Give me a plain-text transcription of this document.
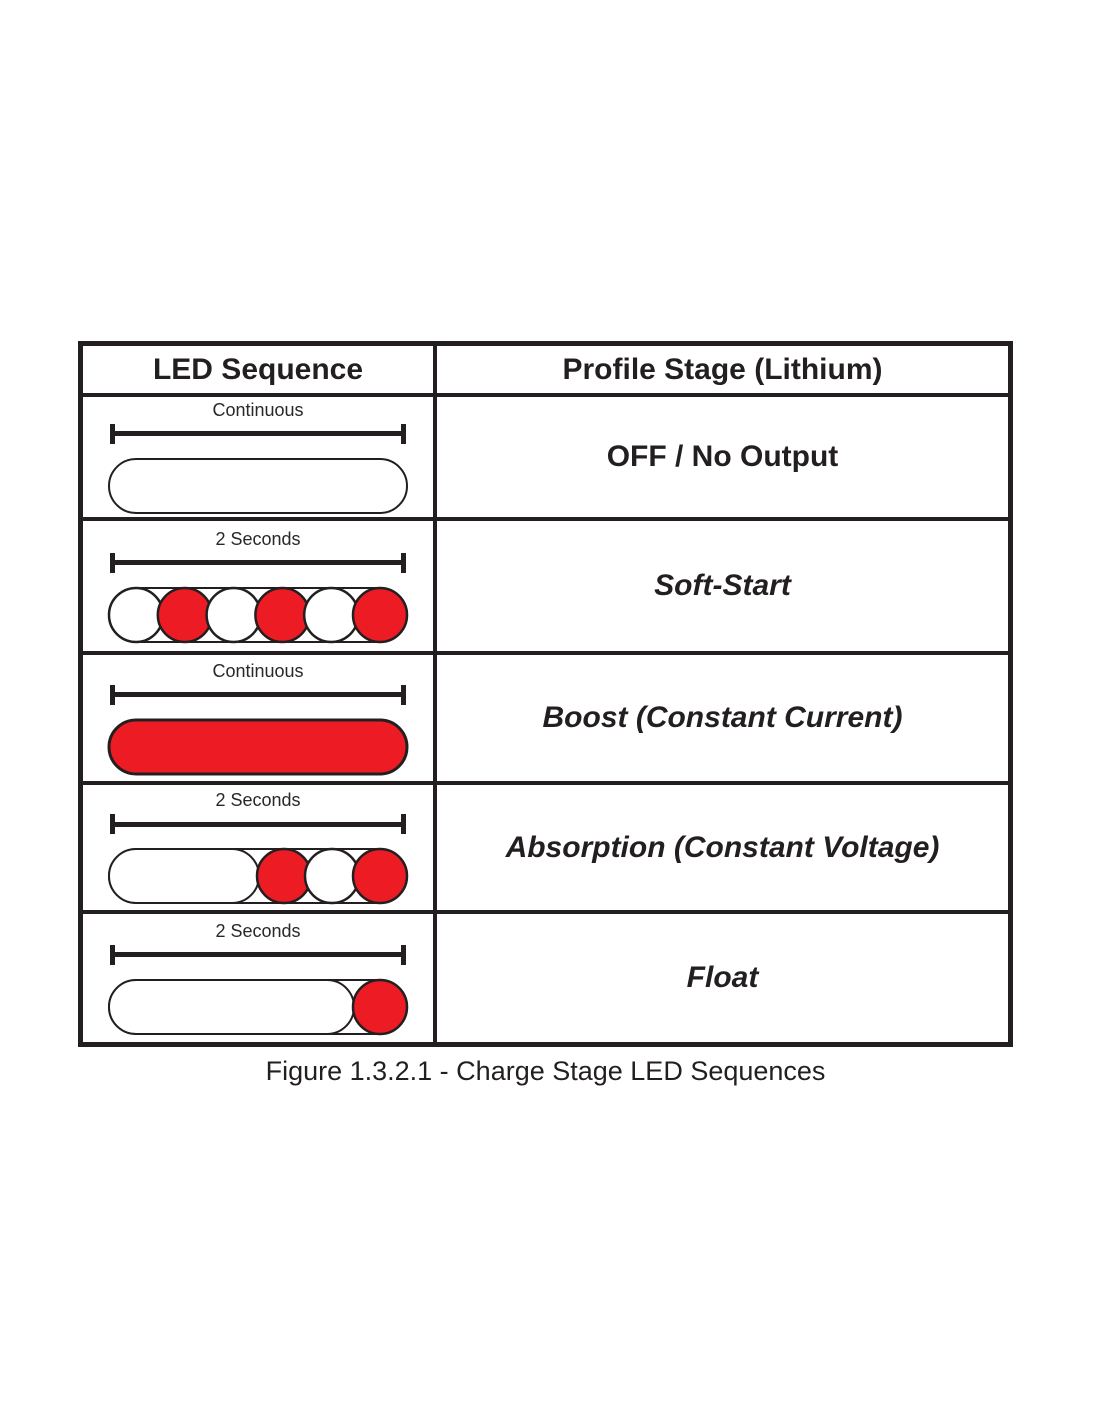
LED Sequence	Profile Stage (Lithium)
Continuous
OFF / No Output
2 Seconds
Soft-Start
Continuous
Boost (Constant Current)
2 Seconds
Absorption (Constant Voltage)
2 Seconds
Float
Figure 1.3.2.1 - Charge Stage LED Sequences
